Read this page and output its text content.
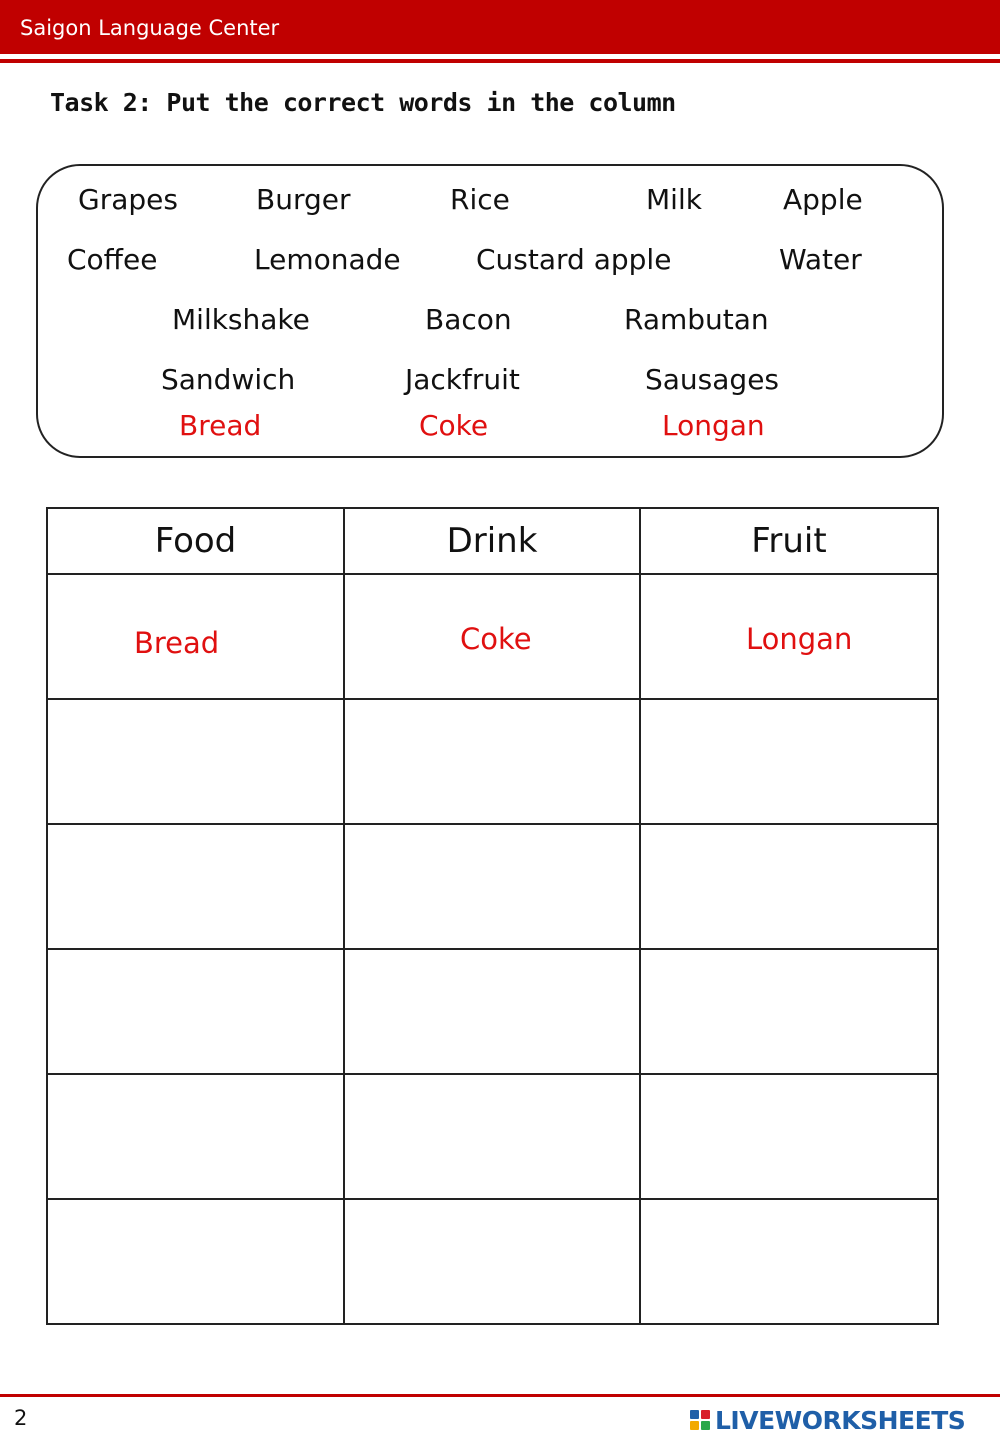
Saigon Language Center
Task 2: Put the correct words in the column
Grapes	Burger	Rice	Milk	Apple
Coffee	Lemonade	Custard apple	Water
Milkshake	Bacon	Rambutan
Sandwich	Jackfruit	Sausages
Bread	Coke	Longan
Food	Drink	Fruit

Bread	Coke	Longan

2	LIVEWORKSHEETS
